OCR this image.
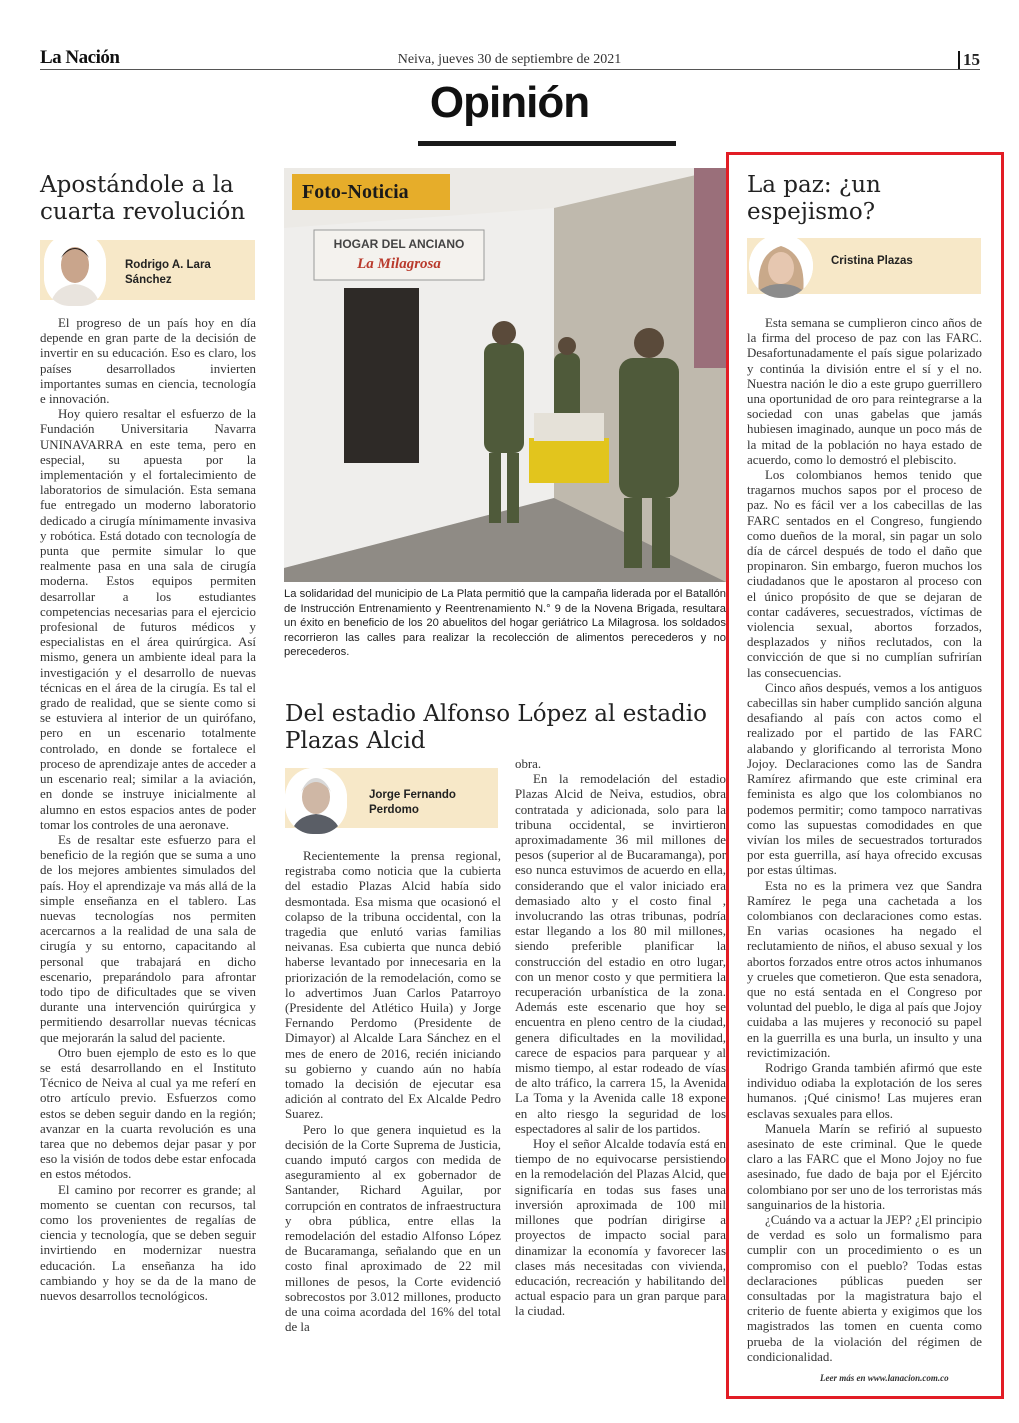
La Nación	Neiva, jueves 30 de septiembre de 2021	15
Opinión
Apostándole a la cuarta revolución
Rodrigo A. Lara Sánchez

El progreso de un país hoy en día depende en gran parte de la decisión de invertir en su educación. Eso es claro, los países desarrollados invierten importantes sumas en ciencia, tecnología e innovación.

Hoy quiero resaltar el esfuerzo de la Fundación Universitaria Navarra UNINAVARRA en este tema, pero en especial, su apuesta por la implementación y el fortalecimiento de laboratorios de simulación. Esta semana fue entregado un moderno laboratorio dedicado a cirugía mínimamente invasiva y robótica. Está dotado con tecnología de punta que permite simular lo que realmente pasa en una sala de cirugía moderna. Estos equipos permiten desarrollar a los estudiantes competencias necesarias para el ejercicio profesional de futuros médicos y especialistas en el área quirúrgica. Así mismo, genera un ambiente ideal para la investigación y el desarrollo de nuevas técnicas en el área de la cirugía. Es tal el grado de realidad, que se siente como si se estuviera al interior de un quirófano, pero en un escenario totalmente controlado, en donde se fortalece el proceso de aprendizaje antes de acceder a un escenario real; similar a la aviación, en donde se instruye inicialmente al alumno en estos espacios antes de poder tomar los controles de una aeronave.

Es de resaltar este esfuerzo para el beneficio de la región que se suma a uno de los mejores ambientes simulados del país. Hoy el aprendizaje va más allá de la simple enseñanza en el tablero. Las nuevas tecnologías nos permiten acercarnos a la realidad de una sala de cirugía y su entorno, capacitando al personal que trabajará en dicho escenario, preparándolo para afrontar todo tipo de dificultades que se viven durante una intervención quirúrgica y permitiendo desarrollar nuevas técnicas que mejorarán la salud del paciente.

Otro buen ejemplo de esto es lo que se está desarrollando en el Instituto Técnico de Neiva al cual ya me referí en otro artículo previo. Esfuerzos como estos se deben seguir dando en la región; avanzar en la cuarta revolución es una tarea que no debemos dejar pasar y por eso la visión de todos debe estar enfocada en estos métodos.

El camino por recorrer es grande; al momento se cuentan con recursos, tal como los provenientes de regalías de ciencia y tecnología, que se deben seguir invirtiendo en modernizar nuestra educación. La enseñanza ha ido cambiando y hoy se da de la mano de nuevos desarrollos tecnológicos.

HOGAR DEL ANCIANO
La Milagrosa
Foto-Noticia
La solidaridad del municipio de La Plata permitió que la campaña liderada por el Batallón de Instrucción Entrenamiento y Reentrenamiento N.° 9 de la Novena Brigada, resultara un éxito en beneficio de los 20 abuelitos del hogar geriátrico La Milagrosa. los soldados recorrieron las calles para realizar la recolección de alimentos perecederos y no perecederos.
Del estadio Alfonso López al estadio Plazas Alcid
Jorge Fernando Perdomo

Recientemente la prensa regional, registraba como noticia que la cubierta del estadio Plazas Alcid había sido desmontada. Esa misma que ocasionó el colapso de la tribuna occidental, con la tragedia que enlutó varias familias neivanas. Esa cubierta que nunca debió haberse levantado por innecesaria en la priorización de la remodelación, como se lo advertimos Juan Carlos Patarroyo (Presidente del Atlético Huila) y Jorge Fernando Perdomo (Presidente de Dimayor) al Alcalde Lara Sánchez en el mes de enero de 2016, recién iniciando su gobierno y cuando aún no había tomado la decisión de ejecutar esa adición al contrato del Ex Alcalde Pedro Suarez.

Pero lo que genera inquietud es la decisión de la Corte Suprema de Justicia, cuando imputó cargos con medida de aseguramiento al ex gobernador de Santander, Richard Aguilar, por corrupción en contratos de infraestructura y obra pública, entre ellas la remodelación del estadio Alfonso López de Bucaramanga, señalando que en un costo final aproximado de 22 mil millones de pesos, la Corte evidenció sobrecostos por 3.012 millones, producto de una coima acordada del 16% del total de la

obra.

En la remodelación del estadio Plazas Alcid de Neiva, estudios, obra contratada y adicionada, solo para la tribuna occidental, se invirtieron aproximadamente 36 mil millones de pesos (superior al de Bucaramanga), por eso nunca estuvimos de acuerdo en ella, considerando que el valor iniciado era demasiado alto y el costo final , involucrando las otras tribunas, podría estar llegando a los 80 mil millones, siendo preferible planificar la construcción del estadio en otro lugar, con un menor costo y que permitiera la recuperación urbanística de la zona. Además este escenario que hoy se encuentra en pleno centro de la ciudad, genera dificultades en la movilidad, carece de espacios para parquear y al mismo tiempo, al estar rodeado de vías de alto tráfico, la carrera 15, la Avenida La Toma y la Avenida calle 18 expone en alto riesgo la seguridad de los espectadores al salir de los partidos.

Hoy el señor Alcalde todavía está en tiempo de no equivocarse persistiendo en la remodelación del Plazas Alcid, que significaría en todas sus fases una inversión aproximada de 100 mil millones que podrían dirigirse a proyectos de impacto social para dinamizar la economía y favorecer las clases más necesitadas con vivienda, educación, recreación y habilitando del actual espacio para un gran parque para la ciudad.

La paz: ¿un espejismo?
Cristina Plazas

Esta semana se cumplieron cinco años de la firma del proceso de paz con las FARC. Desafortunadamente el país sigue polarizado y continúa la división entre el sí y el no. Nuestra nación le dio a este grupo guerrillero una oportunidad de oro para reintegrarse a la sociedad con unas gabelas que jamás hubiesen imaginado, aunque un poco más de la mitad de la población no haya estado de acuerdo, como lo demostró el plebiscito.

Los colombianos hemos tenido que tragarnos muchos sapos por el proceso de paz. No es fácil ver a los cabecillas de las FARC sentados en el Congreso, fungiendo como dueños de la moral, sin pagar un solo día de cárcel después de todo el daño que propinaron. Sin embargo, fueron muchos los ciudadanos que le apostaron al proceso con el único propósito de que se dejaran de contar cadáveres, secuestrados, víctimas de violencia sexual, abortos forzados, desplazados y niños reclutados, con la convicción de que si no cumplían sufrirían las consecuencias.

Cinco años después, vemos a los antiguos cabecillas sin haber cumplido sanción alguna desafiando al país con actos como el realizado por el partido de las FARC alabando y glorificando al terrorista Mono Jojoy. Declaraciones como las de Sandra Ramírez afirmando que este criminal era feminista es algo que los colombianos no podemos permitir; como tampoco narrativas como las supuestas comodidades en que vivían los miles de secuestrados torturados por esta guerrilla, así haya ofrecido excusas por estas últimas.

Esta no es la primera vez que Sandra Ramírez le pega una cachetada a los colombianos con declaraciones como estas. En varias ocasiones ha negado el reclutamiento de niños, el abuso sexual y los abortos forzados entre otros actos inhumanos y crueles que cometieron. Que esta senadora, que no está sentada en el Congreso por voluntad del pueblo, le diga al país que Jojoy cuidaba a las mujeres y reconoció su papel en la guerrilla es una burla, un insulto y una revictimización.

Rodrigo Granda también afirmó que este individuo odiaba la explotación de los seres humanos. ¡Qué cinismo! Las mujeres eran esclavas sexuales para ellos.

Manuela Marín se refirió al supuesto asesinato de este criminal. Que le quede claro a las FARC que el Mono Jojoy no fue asesinado, fue dado de baja por el Ejército colombiano por ser uno de los terroristas más sanguinarios de la historia.

¿Cuándo va a actuar la JEP? ¿El principio de verdad es solo un formalismo para cumplir con un procedimiento o es un compromiso con el pueblo? Todas estas declaraciones públicas pueden ser consultadas por la magistratura bajo el criterio de fuente abierta y exigimos que los magistrados las tomen en cuenta como prueba de la violación del régimen de condicionalidad.

Leer más en www.lanacion.com.co
